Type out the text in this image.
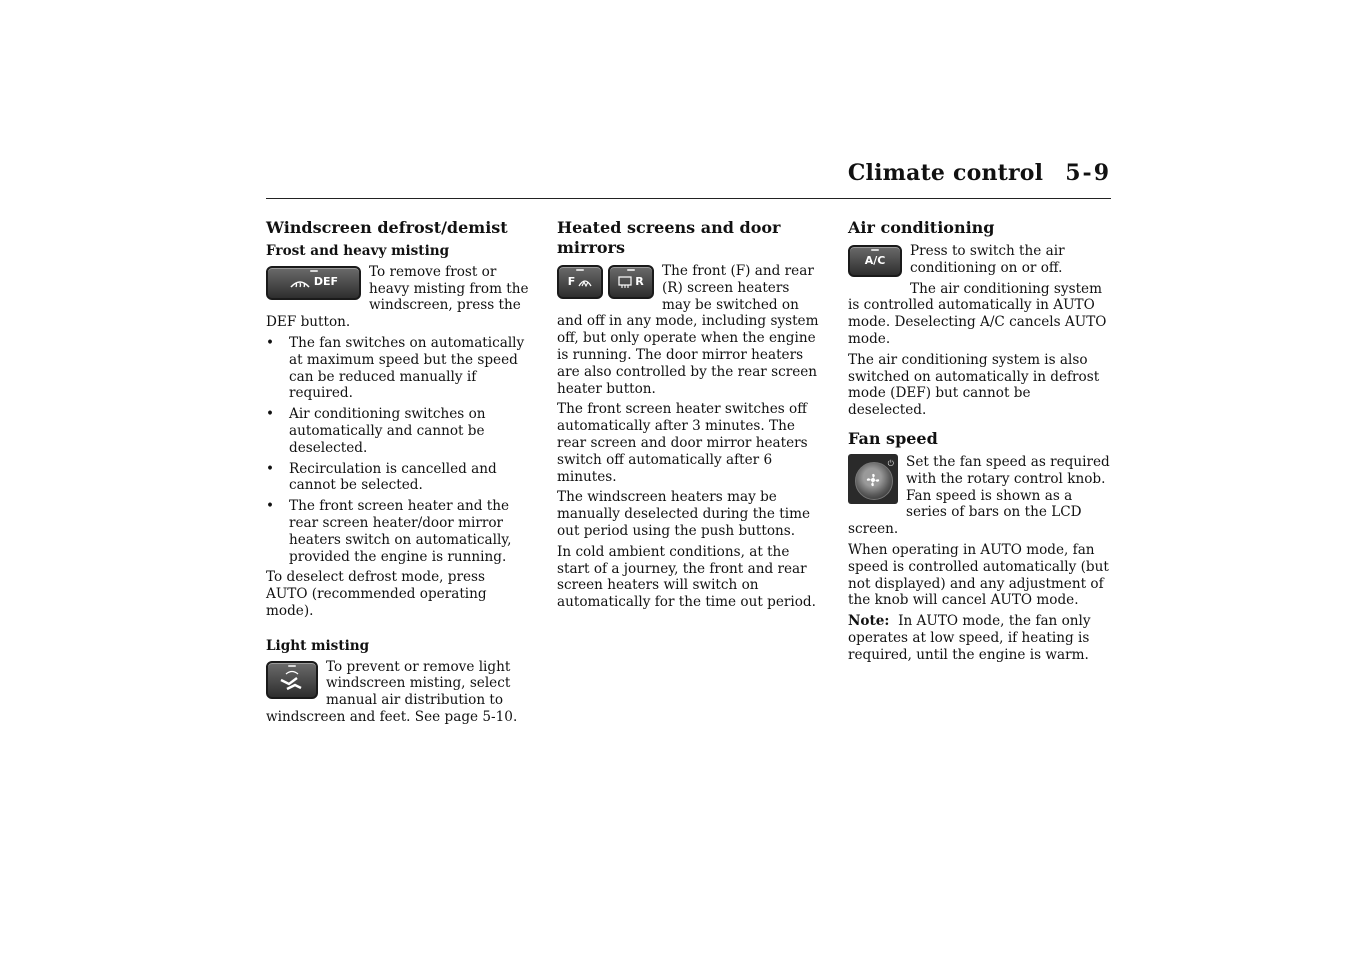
Climate control 5-9
Windscreen defrost/demist
Frost and heavy misting
DEF

To remove frost or heavy misting from the windscreen, press the DEF button.

• The fan switches on automatically at maximum speed but the speed can be reduced manually if required.
• Air conditioning switches on automatically and cannot be deselected.
• Recirculation is cancelled and cannot be selected.
• The front screen heater and the rear screen heater/door mirror heaters switch on automatically, provided the engine is running.

To deselect defrost mode, press AUTO (recommended operating mode).

Light misting

To prevent or remove light windscreen misting, select manual air distribution to windscreen and feet. See page 5-10.

Heated screens and door mirrors
F	R

The front (F) and rear (R) screen heaters may be switched on and off in any mode, including system off, but only operate when the engine is running. The door mirror heaters are also controlled by the rear screen heater button.

The front screen heater switches off automatically after 3 minutes. The rear screen and door mirror heaters switch off automatically after 6 minutes.

The windscreen heaters may be manually deselected during the time out period using the push buttons.

In cold ambient conditions, at the start of a journey, the front and rear screen heaters will switch on automatically for the time out period.

Air conditioning
A/C

Press to switch the air conditioning on or off.

The air conditioning system is controlled automatically in AUTO mode. Deselecting A/C cancels AUTO mode.

The air conditioning system is also switched on automatically in defrost mode (DEF) but cannot be deselected.

Fan speed
⏻ Set the fan speed as required with the rotary control knob. Fan speed is shown as a series of bars on the LCD screen.

When operating in AUTO mode, fan speed is controlled automatically (but not displayed) and any adjustment of the knob will cancel AUTO mode.

Note: In AUTO mode, the fan only operates at low speed, if heating is required, until the engine is warm.
